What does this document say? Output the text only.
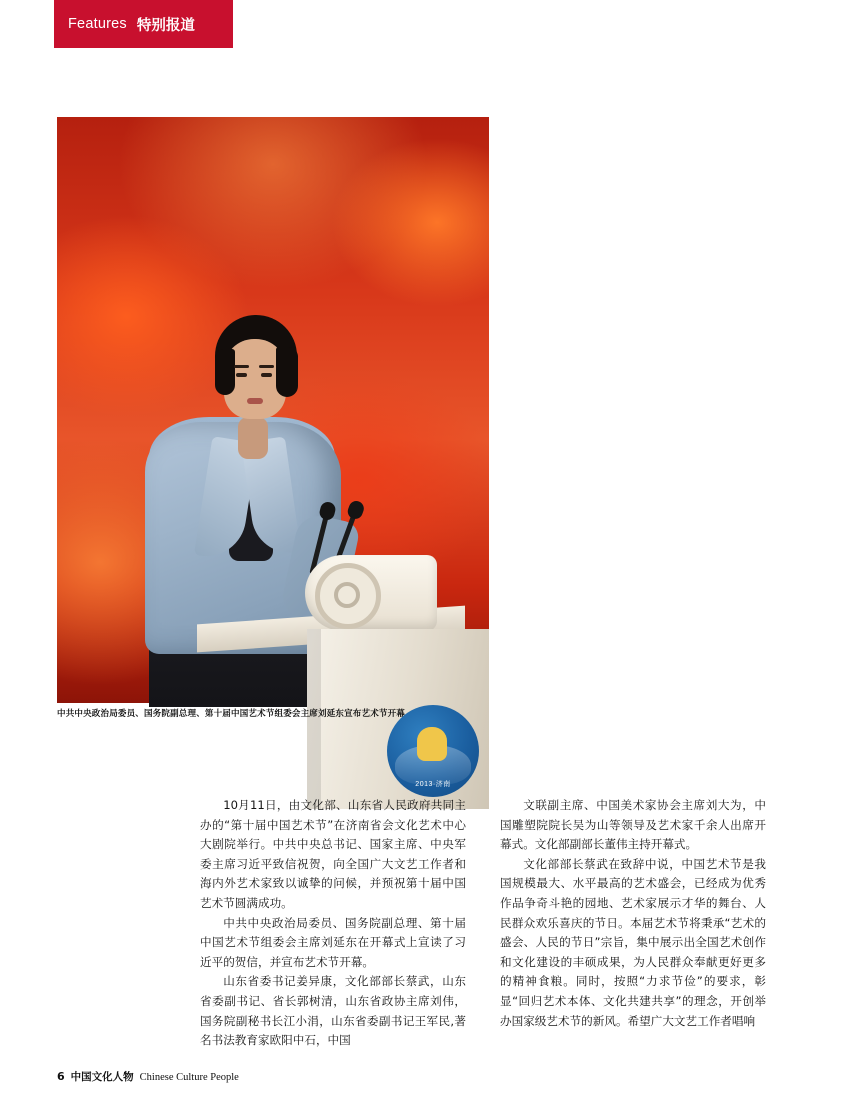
Features 特别报道
2013·济南
中共中央政治局委员、国务院副总理、第十届中国艺术节组委会主席刘延东宣布艺术节开幕

10月11日，由文化部、山东省人民政府共同主办的“第十届中国艺术节”在济南省会文化艺术中心大剧院举行。中共中央总书记、国家主席、中央军委主席习近平致信祝贺，向全国广大文艺工作者和海内外艺术家致以诚挚的问候，并预祝第十届中国艺术节圆满成功。

中共中央政治局委员、国务院副总理、第十届中国艺术节组委会主席刘延东在开幕式上宣读了习近平的贺信，并宣布艺术节开幕。

山东省委书记姜异康，文化部部长蔡武，山东省委副书记、省长郭树清，山东省政协主席刘伟，国务院副秘书长江小涓，山东省委副书记王军民,著名书法教育家欧阳中石，中国

文联副主席、中国美术家协会主席刘大为，中国雕塑院院长吴为山等领导及艺术家千余人出席开幕式。文化部副部长董伟主持开幕式。

文化部部长蔡武在致辞中说，中国艺术节是我国规模最大、水平最高的艺术盛会，已经成为优秀作品争奇斗艳的园地、艺术家展示才华的舞台、人民群众欢乐喜庆的节日。本届艺术节将秉承“艺术的盛会、人民的节日”宗旨，集中展示出全国艺术创作和文化建设的丰硕成果，为人民群众奉献更好更多的精神食粮。同时，按照“力求节俭”的要求，彰显“回归艺术本体、文化共建共享”的理念，开创举办国家级艺术节的新风。希望广大文艺工作者唱响

6 中国文化人物 Chinese Culture People
